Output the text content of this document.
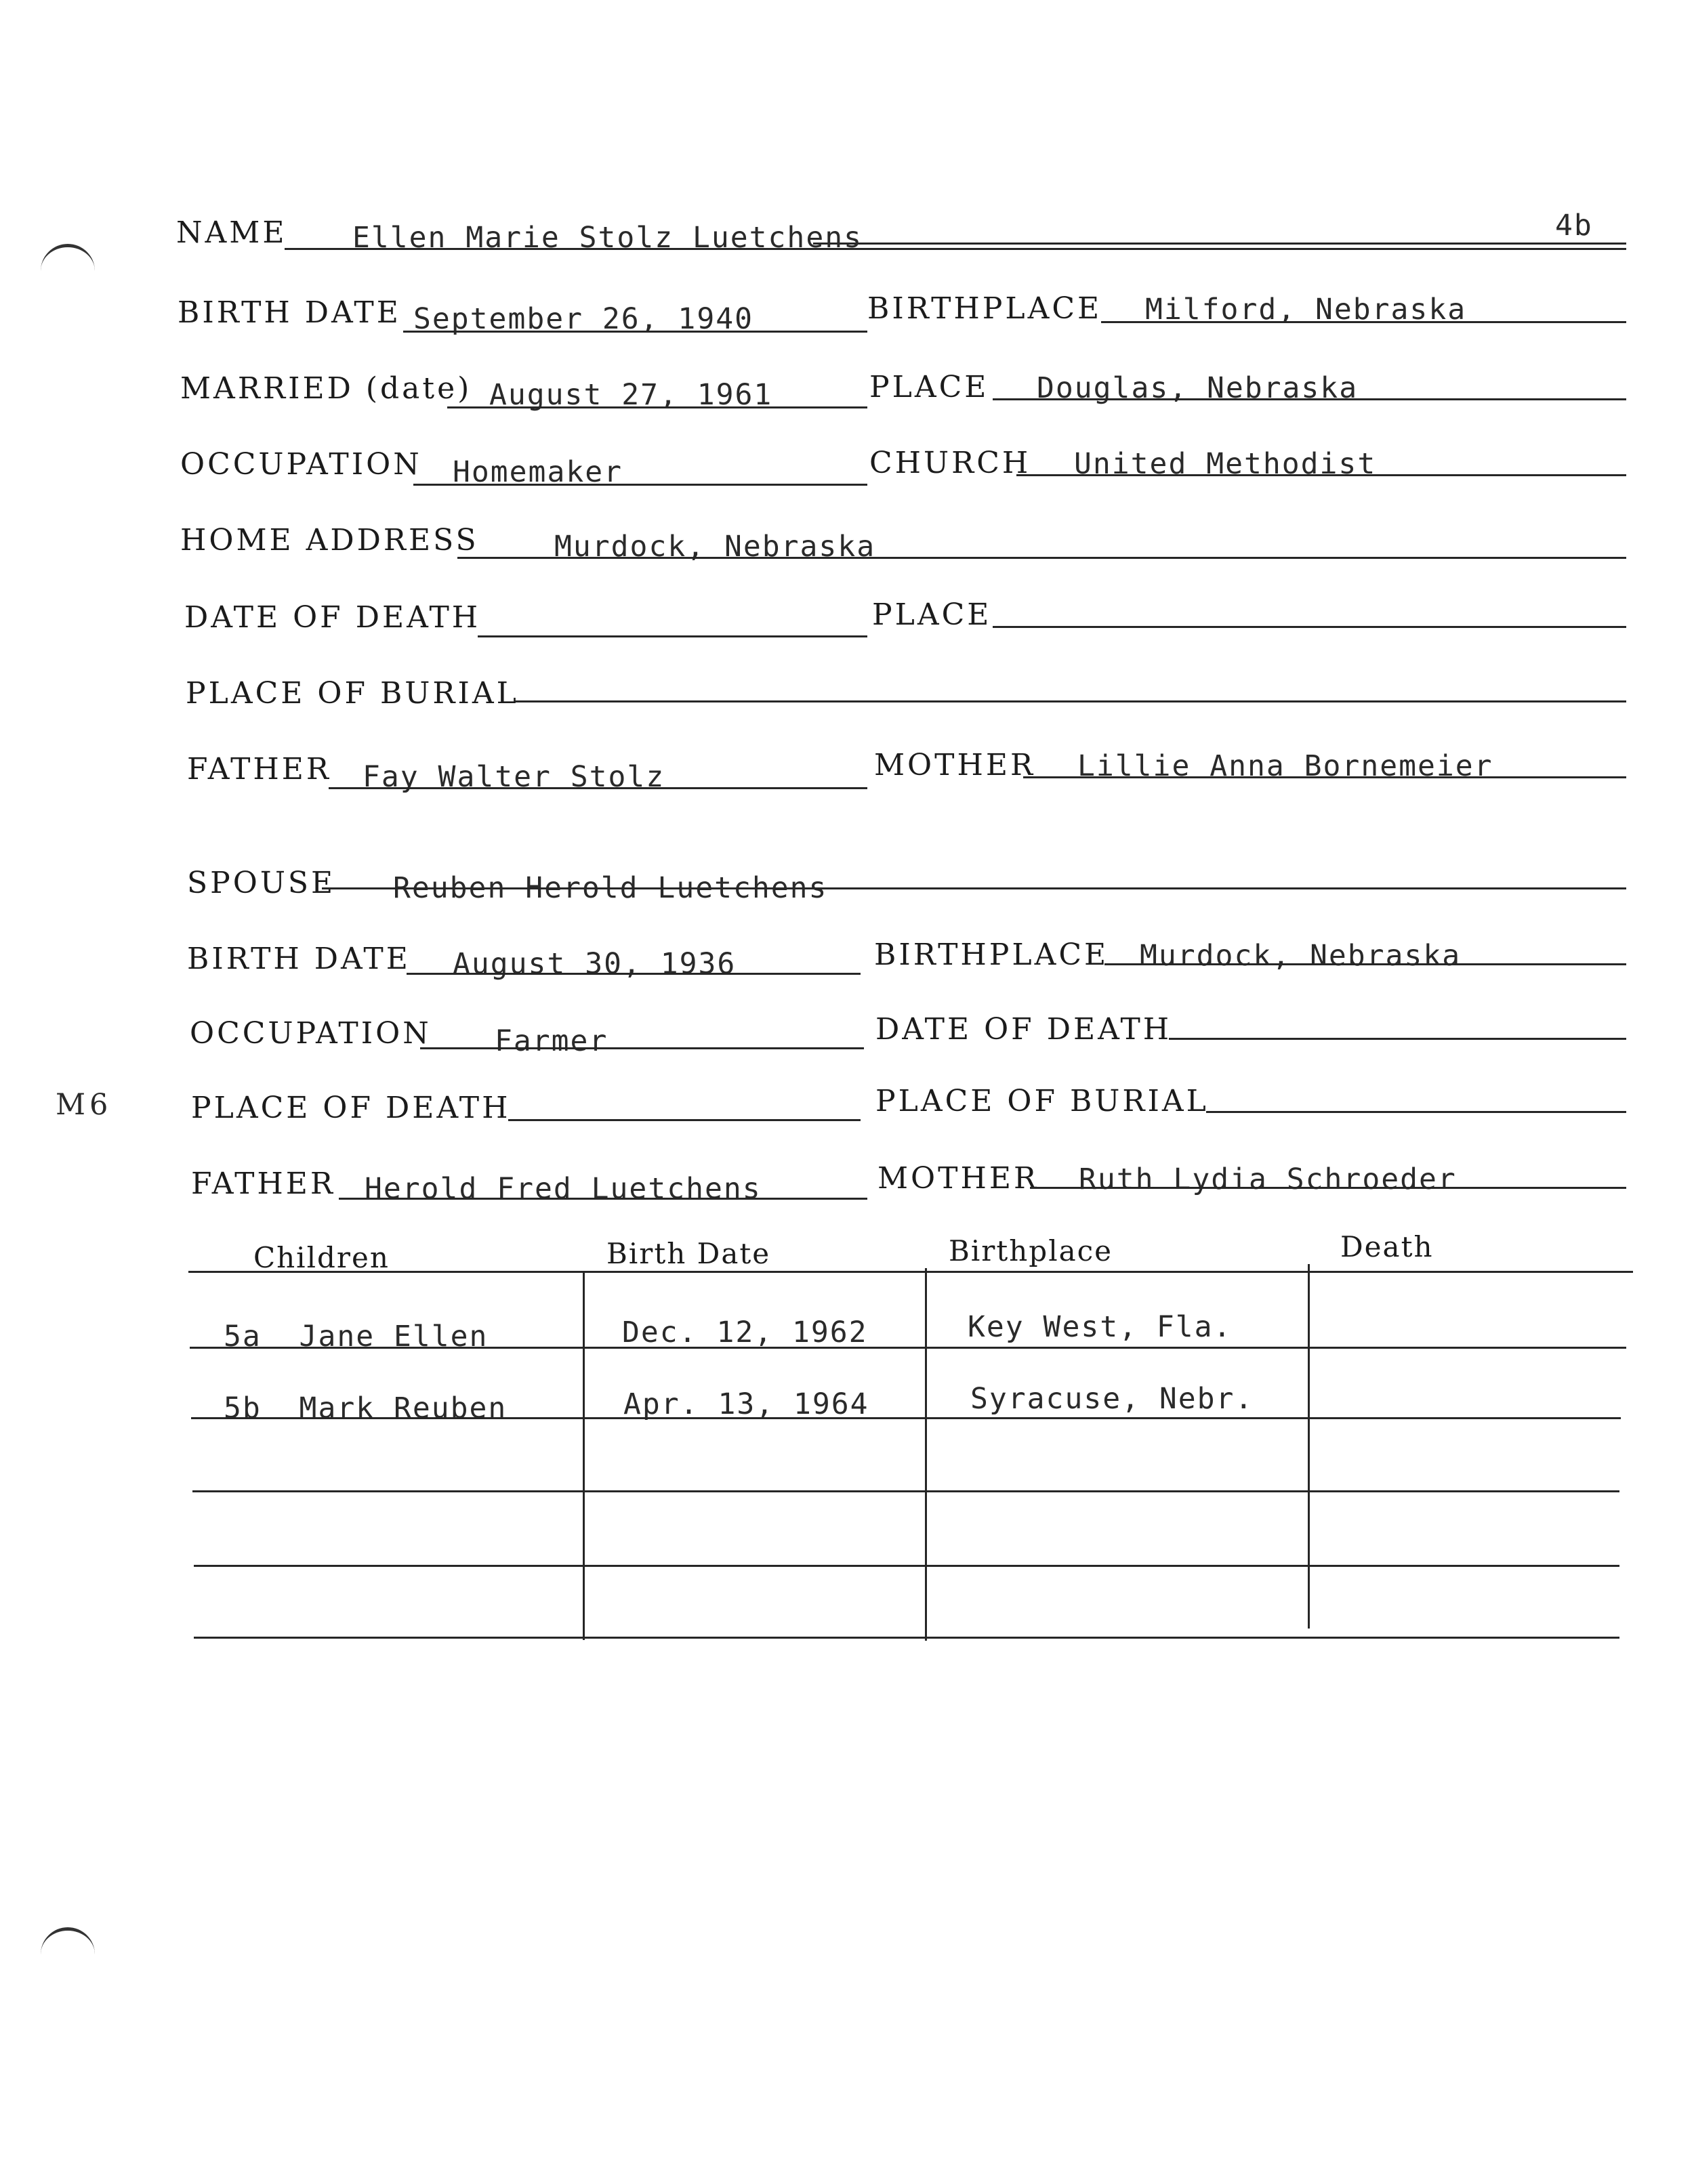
4b
NAME Ellen Marie Stolz Luetchens
BIRTH DATE September 26, 1940	BIRTHPLACE Milford, Nebraska
MARRIED (date) August 27, 1961	PLACE Douglas, Nebraska
OCCUPATION Homemaker	CHURCH United Methodist
HOME ADDRESS	Murdock, Nebraska
DATE OF DEATH	PLACE
PLACE OF BURIAL
FATHER Fay Walter Stolz	MOTHER Lillie Anna Bornemeier
SPOUSE Reuben Herold Luetchens
BIRTH DATE August 30, 1936	BIRTHPLACE Murdock, Nebraska
OCCUPATION Farmer	DATE OF DEATH
M6	PLACE OF DEATH	PLACE OF BURIAL
FATHER Herold Fred Luetchens	MOTHER Ruth Lydia Schroeder
Children	Birth Date	Birthplace	Death
5a  Jane Ellen	Dec. 12, 1962	Key West, Fla.
5b  Mark Reuben	Apr. 13, 1964	Syracuse, Nebr.
